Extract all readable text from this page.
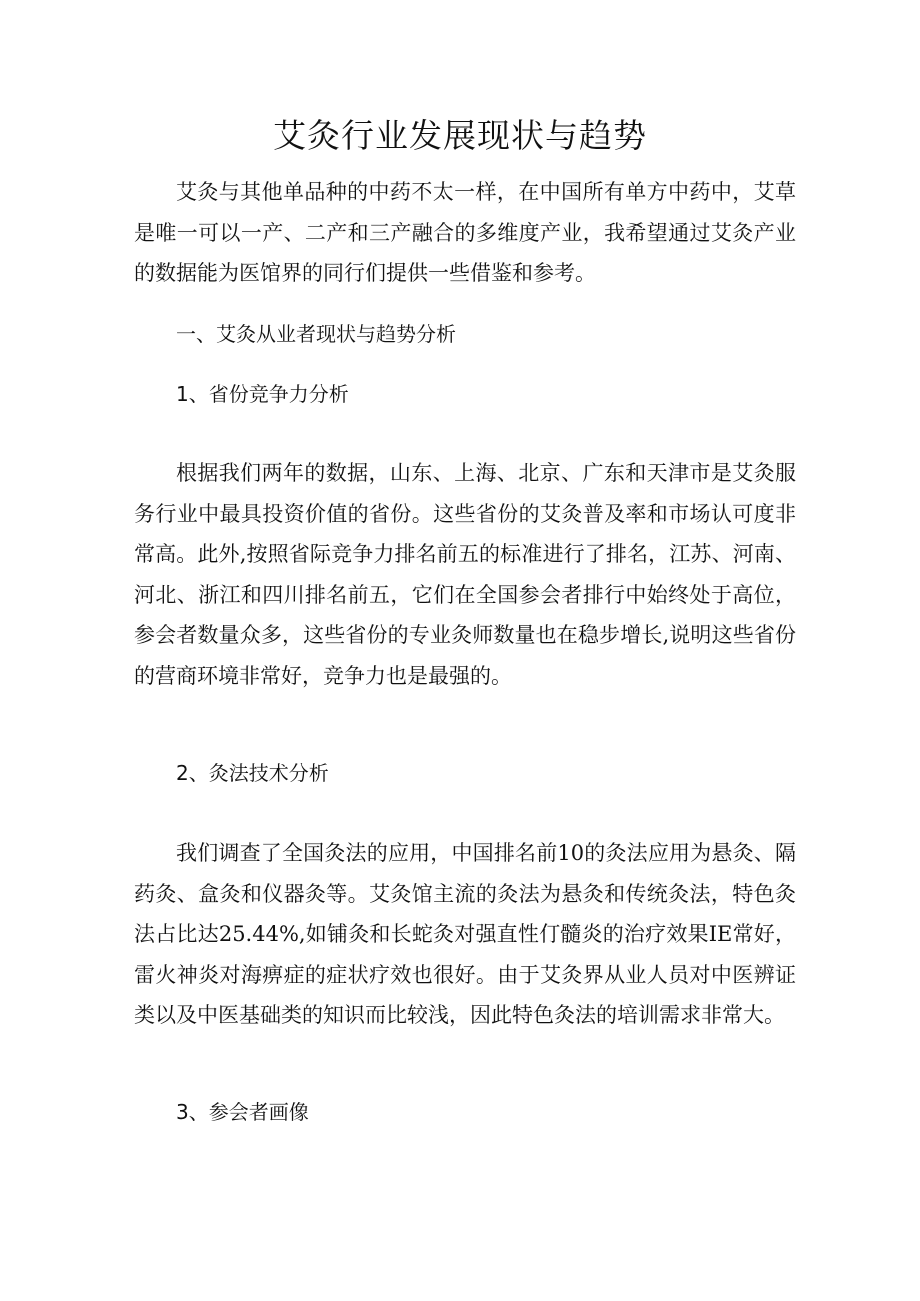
艾灸行业发展现状与趋势

艾灸与其他单品种的中药不太一样，在中国所有单方中药中，艾草是唯一可以一产、二产和三产融合的多维度产业，我希望通过艾灸产业的数据能为医馆界的同行们提供一些借鉴和参考。

一、艾灸从业者现状与趋势分析
1、省份竞争力分析

根据我们两年的数据，山东、上海、北京、广东和天津市是艾灸服务行业中最具投资价值的省份。这些省份的艾灸普及率和市场认可度非常高。此外,按照省际竞争力排名前五的标准进行了排名，江苏、河南、河北、浙江和四川排名前五，它们在全国参会者排行中始终处于高位，参会者数量众多，这些省份的专业灸师数量也在稳步增长,说明这些省份的营商环境非常好，竞争力也是最强的。

2、灸法技术分析

我们调查了全国灸法的应用，中国排名前10的灸法应用为悬灸、隔药灸、盒灸和仪器灸等。艾灸馆主流的灸法为悬灸和传统灸法，特色灸法占比达25.44%,如铺灸和长蛇灸对强直性仃髓炎的治疗效果IE常好，雷火神炎对海痹症的症状疗效也很好。由于艾灸界从业人员对中医辨证类以及中医基础类的知识而比较浅，因此特色灸法的培训需求非常大。

3、参会者画像
